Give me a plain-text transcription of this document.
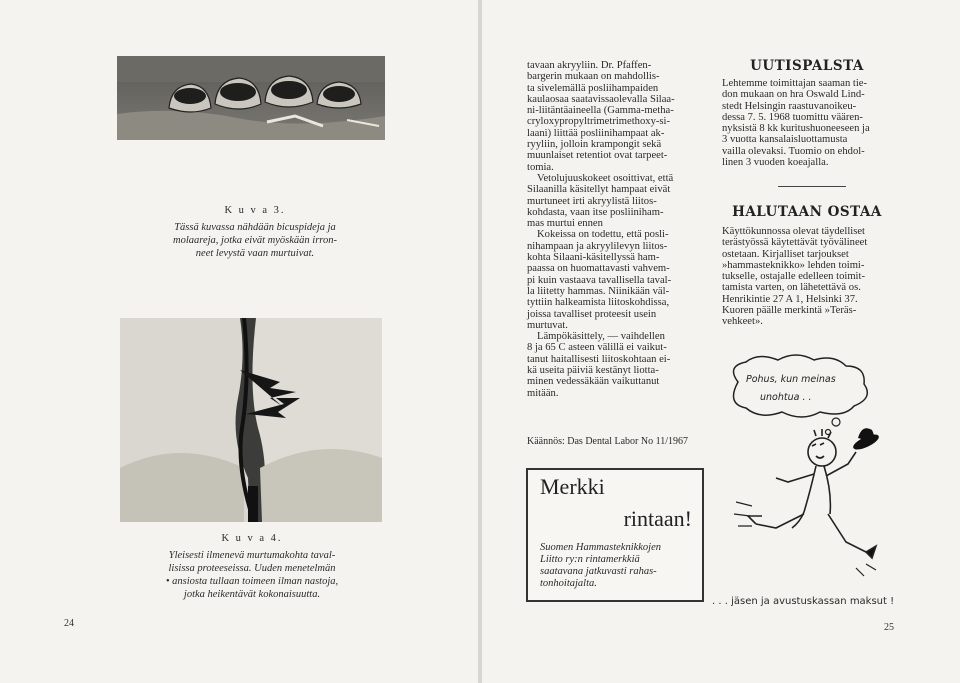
K u v a 3.
Tässä kuvassa nähdään bicuspideja ja
molaareja, jotka eivät myöskään irron-
neet levystä vaan murtuivat.
K u v a 4.
Yleisesti ilmenevä murtumakohta taval-
lisissa proteeseissa. Uuden menetelmän
• ansiosta tullaan toimeen ilman nastoja,
jotka heikentävät kokonaisuutta.
24
tavaan akryyliin. Dr. Pfaffen-
bargerin mukaan on mahdollis-
ta sivelemällä posliihampaiden
kaulaosaa saatavissaolevalla Silaa-
ni-liitäntäaineella (Gamma-metha-
cryloxypropyltrimetrimethoxy-si-
laani) liittää posliinihampaat ak-
ryyliin, jolloin krampongit sekä
muunlaiset retentiot ovat tarpeet-
tomia.
Vetolujuuskokeet osoittivat, että
Silaanilla käsitellyt hampaat eivät
murtuneet irti akryylistä liitos-
kohdasta, vaan itse posliiniham-
mas murtui ennen
Kokeissa on todettu, että posli-
nihampaan ja akryylilevyn liitos-
kohta Silaani-käsitellyssä ham-
paassa on huomattavasti vahvem-
pi kuin vastaava tavallisella taval-
la liitetty hammas. Niinikään väl-
tyttiin halkeamista liitoskohdissa,
joissa tavalliset proteesit usein
murtuvat.
Lämpökäsittely, — vaihdellen
8 ja 65 C asteen välillä ei vaikut-
tanut haitallisesti liitoskohtaan ei-
kä useita päiviä kestänyt liotta-
minen vedessäkään vaikuttanut
mitään.
Käännös: Das Dental Labor No 11/1967
Merkki
rintaan!
Suomen Hammasteknikkojen
Liitto ry:n rintamerkkiä
saatavana jatkuvasti rahas-
tonhoitajalta.
UUTISPALSTA
Lehtemme toimittajan saaman tie-
don mukaan on hra Oswald Lind-
stedt Helsingin raastuvanoikeu-
dessa 7. 5. 1968 tuomittu väären-
nyksistä 8 kk kuritushuoneeseen ja
3 vuotta kansalaisluottamusta
vailla olevaksi. Tuomio on ehdol-
linen 3 vuoden koeajalla.
HALUTAAN OSTAA
Käyttökunnossa olevat täydelliset
terästyössä käytettävät työvälineet
ostetaan. Kirjalliset tarjoukset
»hammasteknikko» lehden toimi-
tukselle, ostajalle edelleen toimit-
tamista varten, on lähetettävä os.
Henrikintie 27 A 1, Helsinki 37.
Kuoren päälle merkintä »Teräs-
vehkeet».
Pohus, kun meinas
unohtua . .
. . . jäsen ja avustuskassan maksut !
25
